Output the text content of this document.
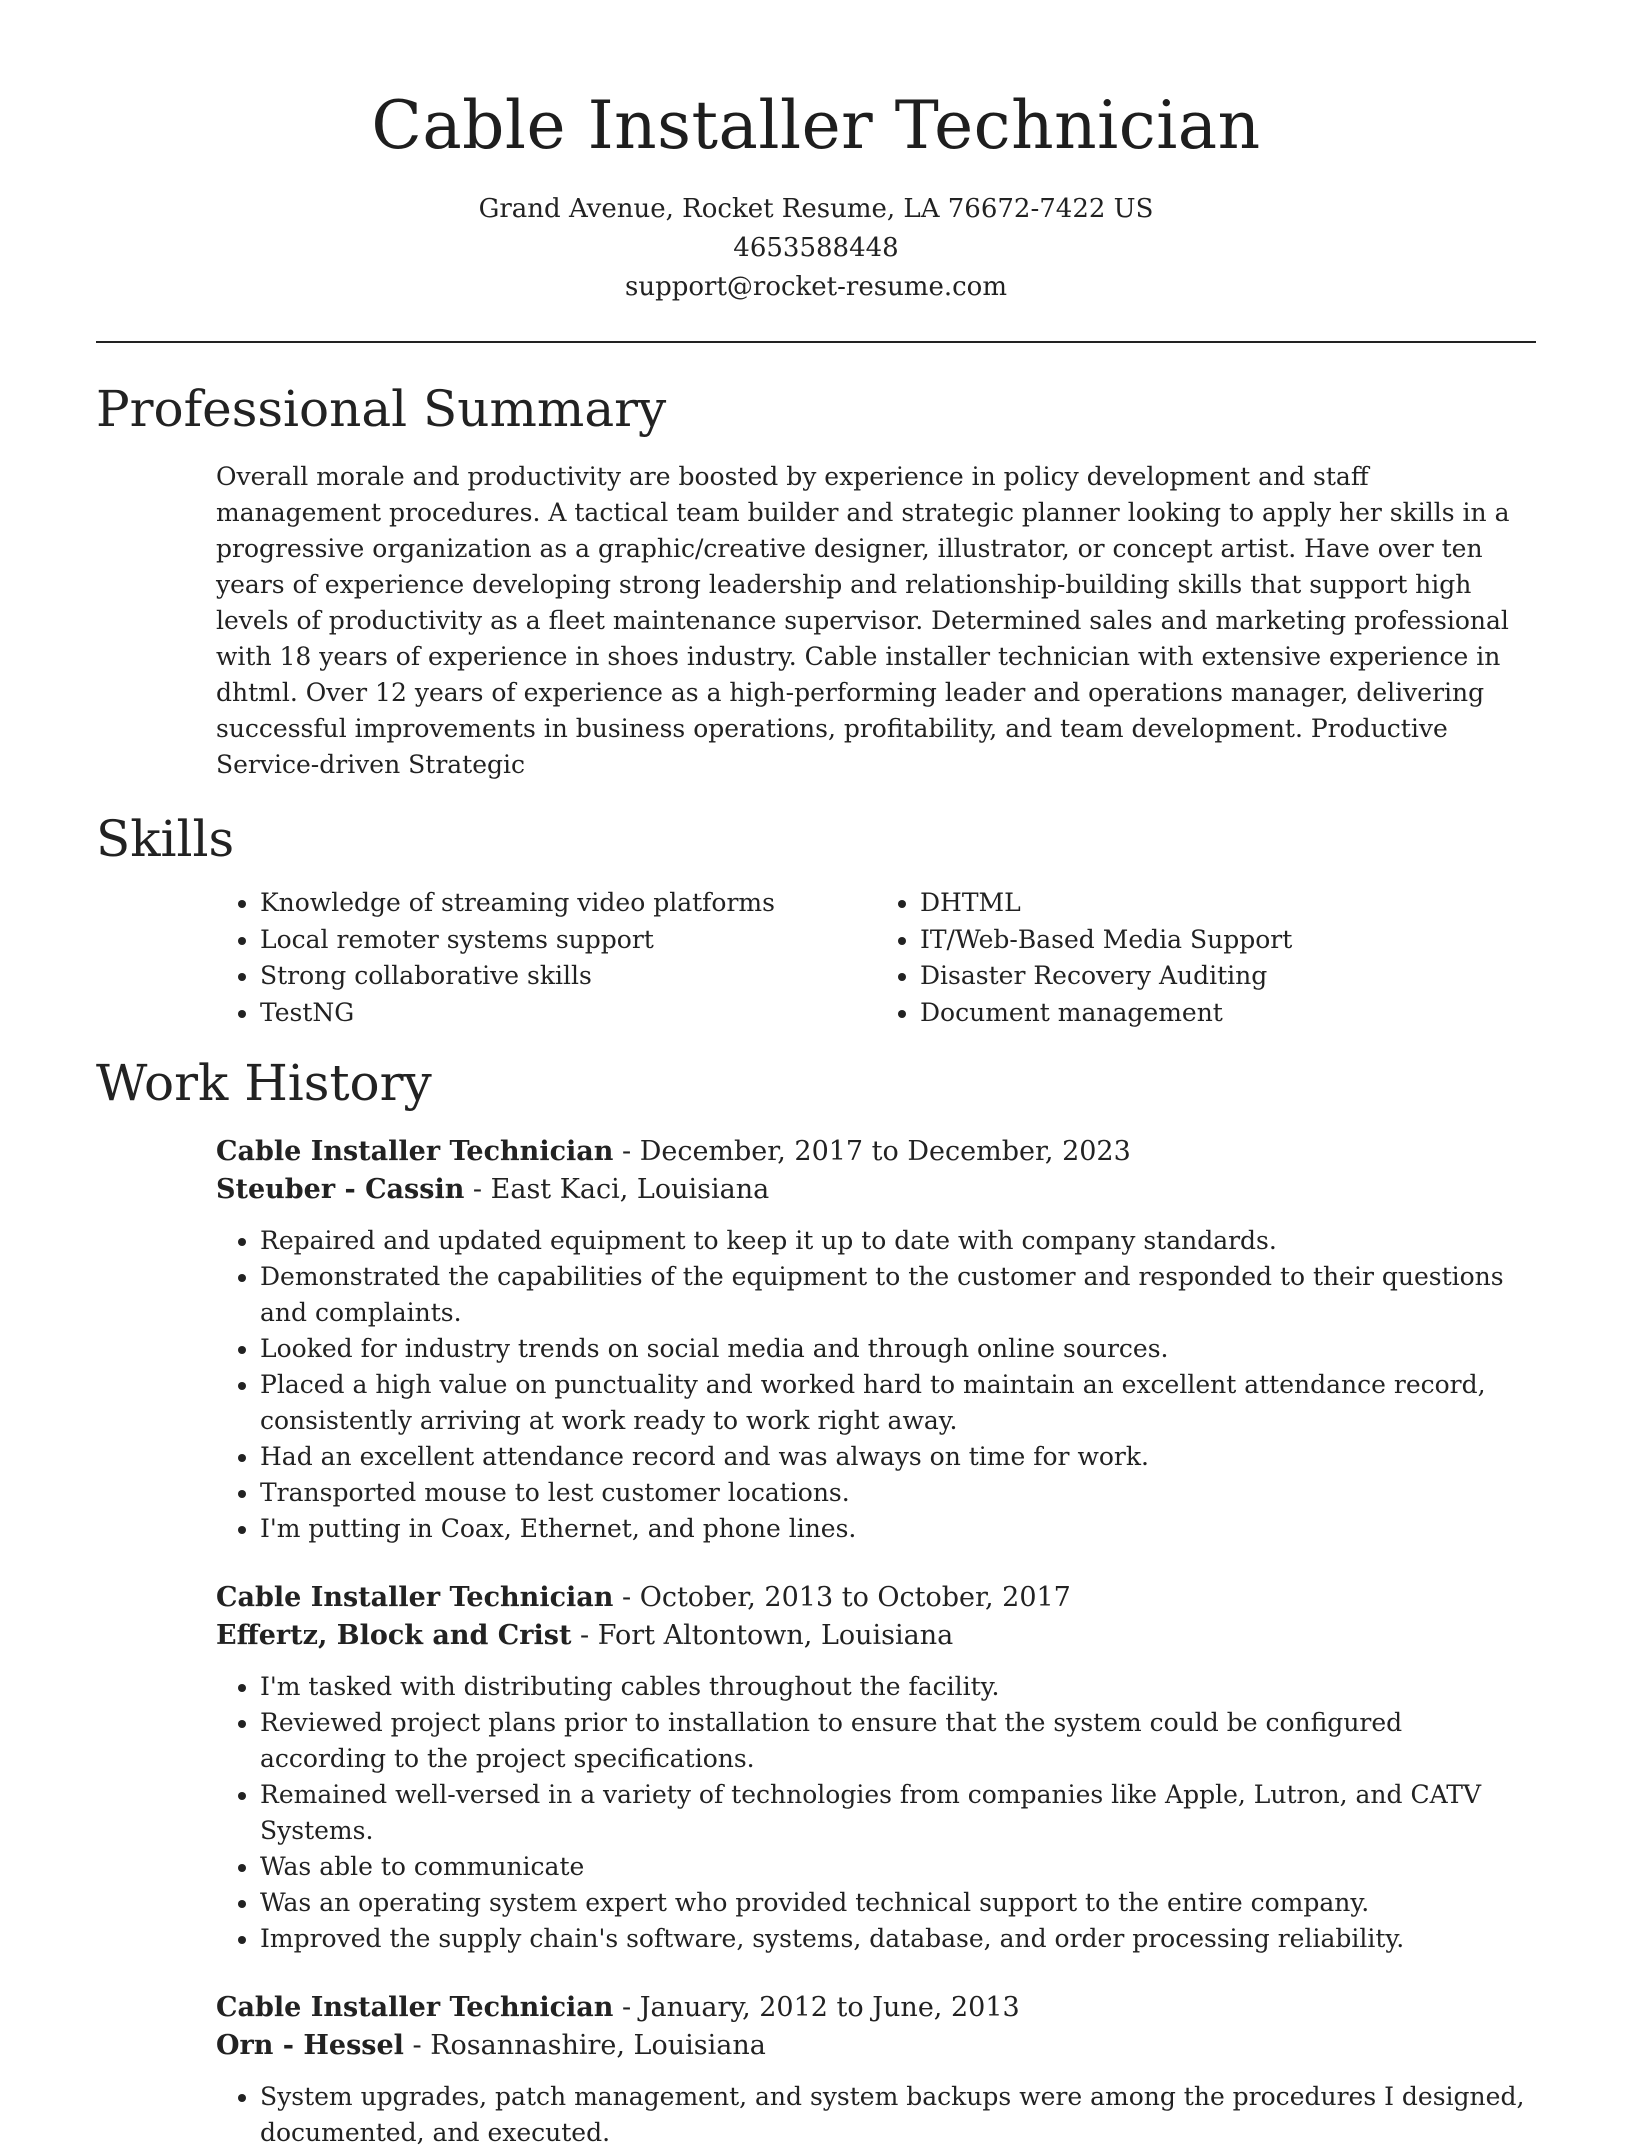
Cable Installer Technician
Grand Avenue, Rocket Resume, LA 76672-7422 US
4653588448
support@rocket-resume.com
Professional Summary

Overall morale and productivity are boosted by experience in policy development and staff management procedures. A tactical team builder and strategic planner looking to apply her skills in a progressive organization as a graphic/creative designer, illustrator, or concept artist. Have over ten years of experience developing strong leadership and relationship-building skills that support high levels of productivity as a fleet maintenance supervisor. Determined sales and marketing professional with 18 years of experience in shoes industry. Cable installer technician with extensive experience in dhtml. Over 12 years of experience as a high-performing leader and operations manager, delivering successful improvements in business operations, profitability, and team development. Productive Service-driven Strategic

Skills
• Knowledge of streaming video platforms
• Local remoter systems support
• Strong collaborative skills
• TestNG
• DHTML
• IT/Web-Based Media Support
• Disaster Recovery Auditing
• Document management
Work History
Cable Installer Technician - December, 2017 to December, 2023
Steuber - Cassin - East Kaci, Louisiana
• Repaired and updated equipment to keep it up to date with company standards.
• Demonstrated the capabilities of the equipment to the customer and responded to their questions and complaints.
• Looked for industry trends on social media and through online sources.
• Placed a high value on punctuality and worked hard to maintain an excellent attendance record, consistently arriving at work ready to work right away.
• Had an excellent attendance record and was always on time for work.
• Transported mouse to lest customer locations.
• I'm putting in Coax, Ethernet, and phone lines.
Cable Installer Technician - October, 2013 to October, 2017
Effertz, Block and Crist - Fort Altontown, Louisiana
• I'm tasked with distributing cables throughout the facility.
• Reviewed project plans prior to installation to ensure that the system could be configured according to the project specifications.
• Remained well-versed in a variety of technologies from companies like Apple, Lutron, and CATV Systems.
• Was able to communicate
• Was an operating system expert who provided technical support to the entire company.
• Improved the supply chain's software, systems, database, and order processing reliability.
Cable Installer Technician - January, 2012 to June, 2013
Orn - Hessel - Rosannashire, Louisiana
• System upgrades, patch management, and system backups were among the procedures I designed, documented, and executed.
